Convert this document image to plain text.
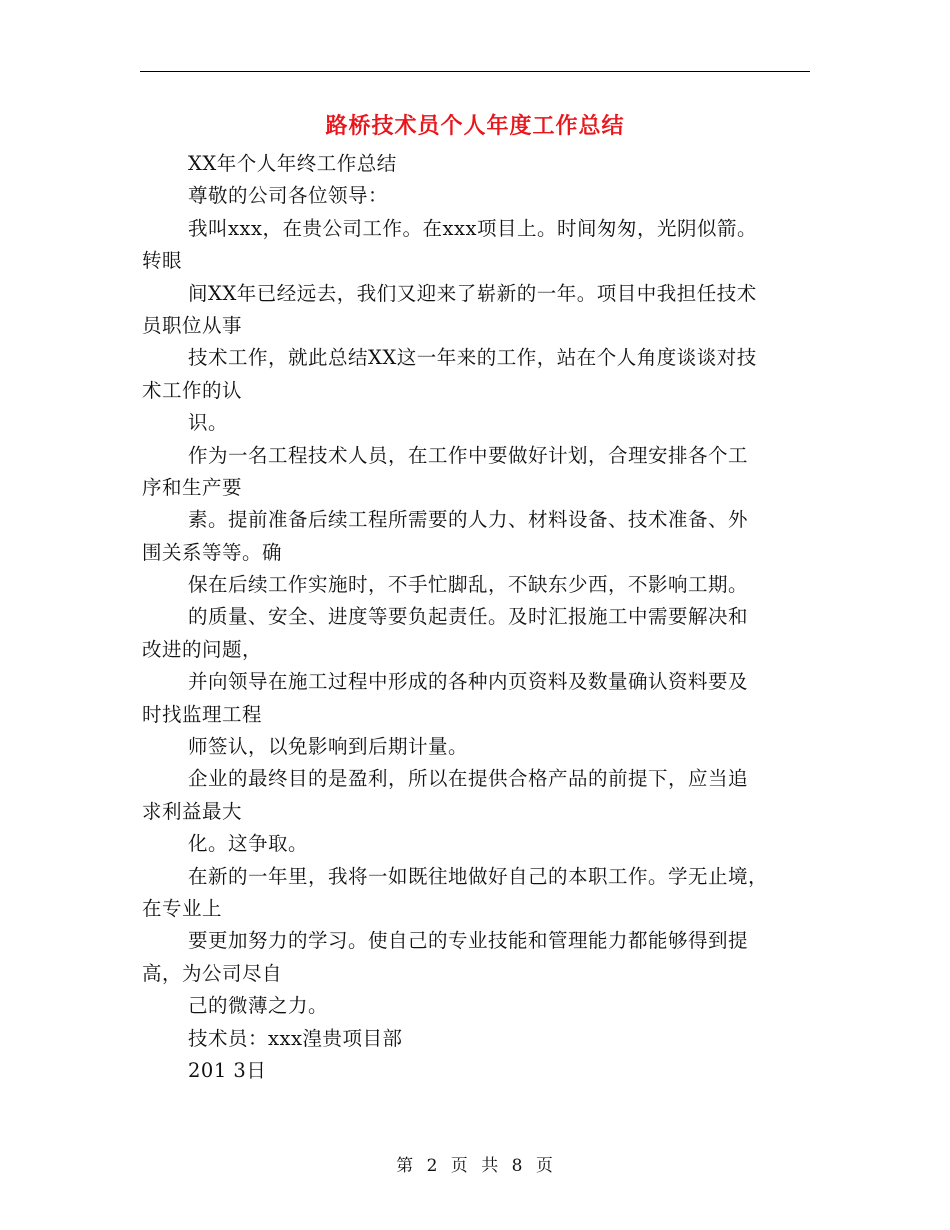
路桥技术员个人年度工作总结
XX年个人年终工作总结
尊敬的公司各位领导：
我叫xxx，在贵公司工作。在xxx项目上。时间匆匆，光阴似箭。
转眼
间XX年已经远去，我们又迎来了崭新的一年。项目中我担任技术
员职位从事
技术工作，就此总结XX这一年来的工作，站在个人角度谈谈对技
术工作的认
识。
作为一名工程技术人员，在工作中要做好计划，合理安排各个工
序和生产要
素。提前准备后续工程所需要的人力、材料设备、技术准备、外
围关系等等。确
保在后续工作实施时，不手忙脚乱，不缺东少西，不影响工期。
的质量、安全、进度等要负起责任。及时汇报施工中需要解决和
改进的问题，
并向领导在施工过程中形成的各种内页资料及数量确认资料要及
时找监理工程
师签认，以免影响到后期计量。
企业的最终目的是盈利，所以在提供合格产品的前提下，应当追
求利益最大
化。这争取。
在新的一年里，我将一如既往地做好自己的本职工作。学无止境，
在专业上
要更加努力的学习。使自己的专业技能和管理能力都能够得到提
高，为公司尽自
己的微薄之力。
技术员：xxx湟贵项目部
201 3日
第 2 页 共 8 页
